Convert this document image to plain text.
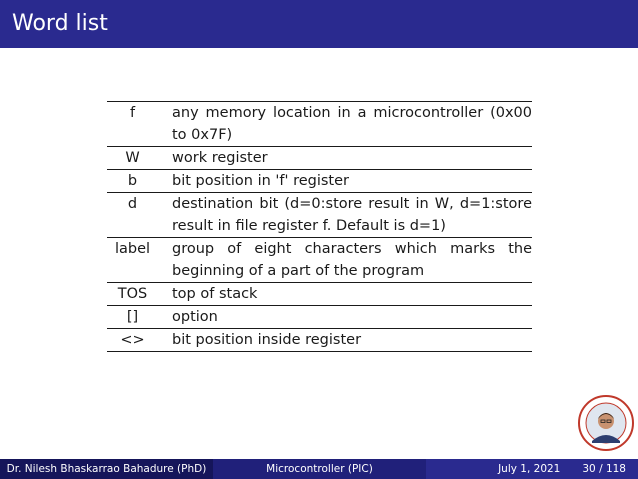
Word list
f	any memory location in a microcontroller (0x00 to 0x7F)
W	work register
b	bit position in 'f' register
d	destination bit (d=0:store result in W, d=1:store result in file register f. Default is d=1)
label	group of eight characters which marks the beginning of a part of the program
TOS	top of stack
[]	option
<>	bit position inside register
Dr. Nilesh Bhaskarrao Bahadure (PhD)	Microcontroller (PIC)	July 1, 2021 30 / 118
